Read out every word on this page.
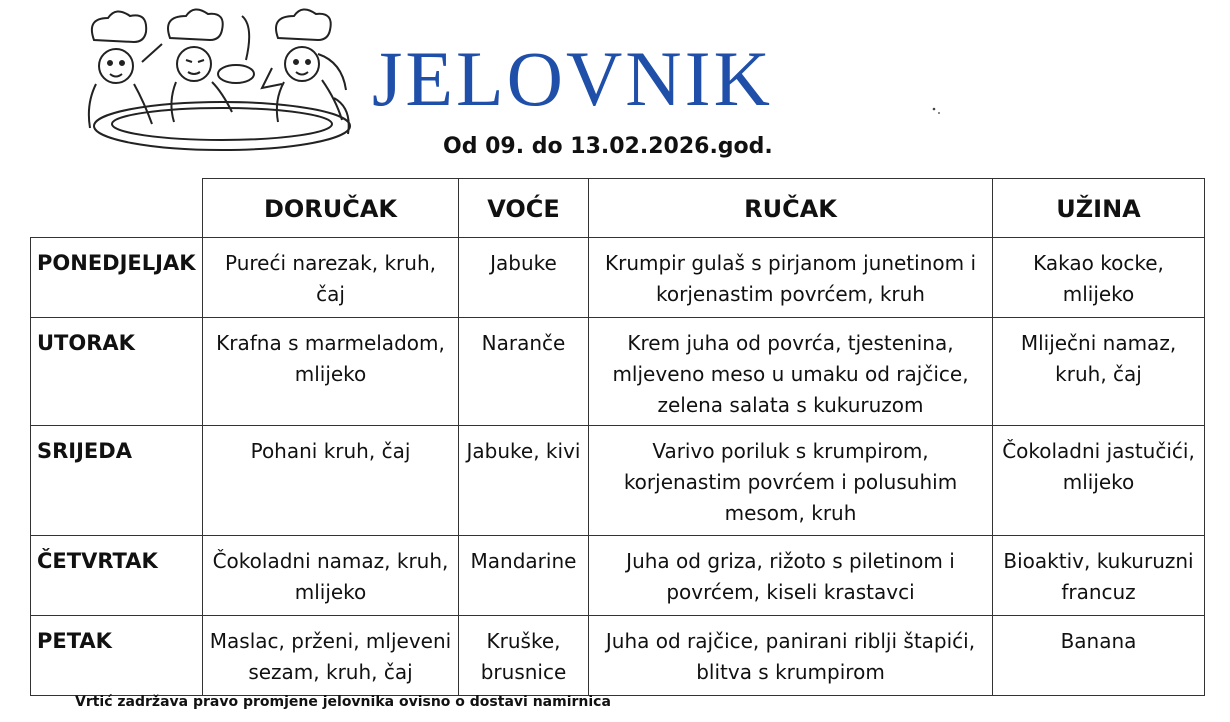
JELOVNIK

Od 09. do 13.02.2026.god.

	DORUČAK	VOĆE	RUČAK	UŽINA
PONEDJELJAK	Pureći narezak, kruh, čaj	Jabuke	Krumpir gulaš s pirjanom junetinom i korjenastim povrćem, kruh	Kakao kocke, mlijeko
UTORAK	Krafna s marmeladom, mlijeko	Naranče	Krem juha od povrća, tjestenina, mljeveno meso u umaku od rajčice, zelena salata s kukuruzom	Mliječni namaz, kruh, čaj
SRIJEDA	Pohani kruh, čaj	Jabuke, kivi	Varivo poriluk s krumpirom, korjenastim povrćem i polusuhim mesom, kruh	Čokoladni jastučići, mlijeko
ČETVRTAK	Čokoladni namaz, kruh, mlijeko	Mandarine	Juha od griza, rižoto s piletinom i povrćem, kiseli krastavci	Bioaktiv, kukuruzni francuz
PETAK	Maslac, prženi, mljeveni sezam, kruh, čaj	Kruške, brusnice	Juha od rajčice, panirani riblji štapići, blitva s krumpirom	Banana

Vrtić zadržava pravo promjene jelovnika ovisno o dostavi namirnica
